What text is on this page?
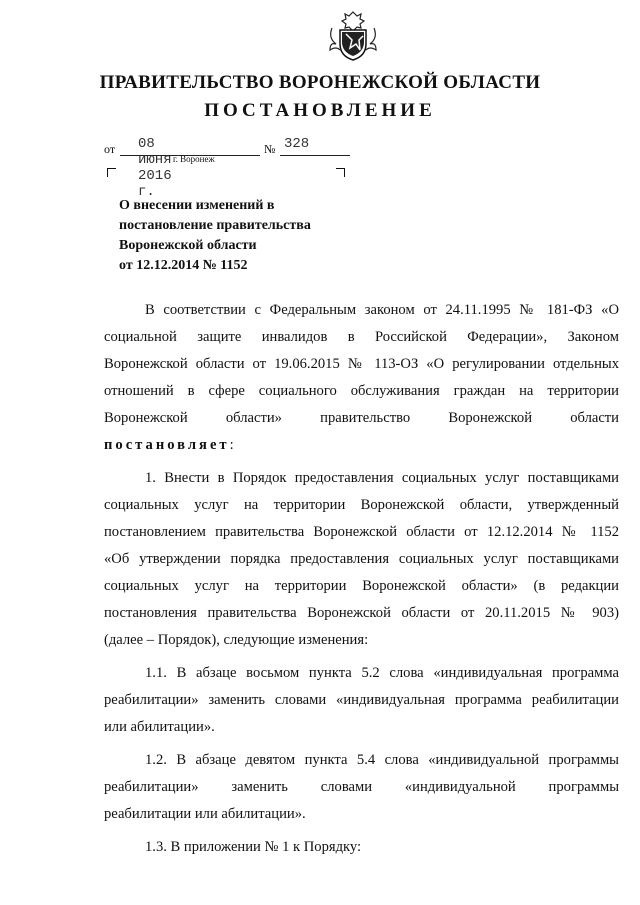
ПРАВИТЕЛЬСТВО ВОРОНЕЖСКОЙ ОБЛАСТИ
ПОСТАНОВЛЕНИЕ
от 08 июня 2016 г.
№ 328
г. Воронеж
О внесении изменений в
постановление правительства
Воронежской области
от 12.12.2014 № 1152
В соответствии с Федеральным законом от 24.11.1995 № 181-ФЗ «О
социальной защите инвалидов в Российской Федерации», Законом
Воронежской области от 19.06.2015 № 113-ОЗ «О регулировании отдельных
отношений в сфере социального обслуживания граждан на территории
Воронежской области» правительство Воронежской области
постановляет:
1. Внести в Порядок предоставления социальных услуг поставщиками
социальных услуг на территории Воронежской области, утвержденный
постановлением правительства Воронежской области от 12.12.2014 № 1152
«Об утверждении порядка предоставления социальных услуг поставщиками
социальных услуг на территории Воронежской области» (в редакции
постановления правительства Воронежской области от 20.11.2015 № 903)
(далее – Порядок), следующие изменения:
1.1. В абзаце восьмом пункта 5.2 слова «индивидуальная программа
реабилитации» заменить словами «индивидуальная программа реабилитации
или абилитации».
1.2. В абзаце девятом пункта 5.4 слова «индивидуальной программы
реабилитации» заменить словами «индивидуальной программы
реабилитации или абилитации».
1.3. В приложении № 1 к Порядку:
